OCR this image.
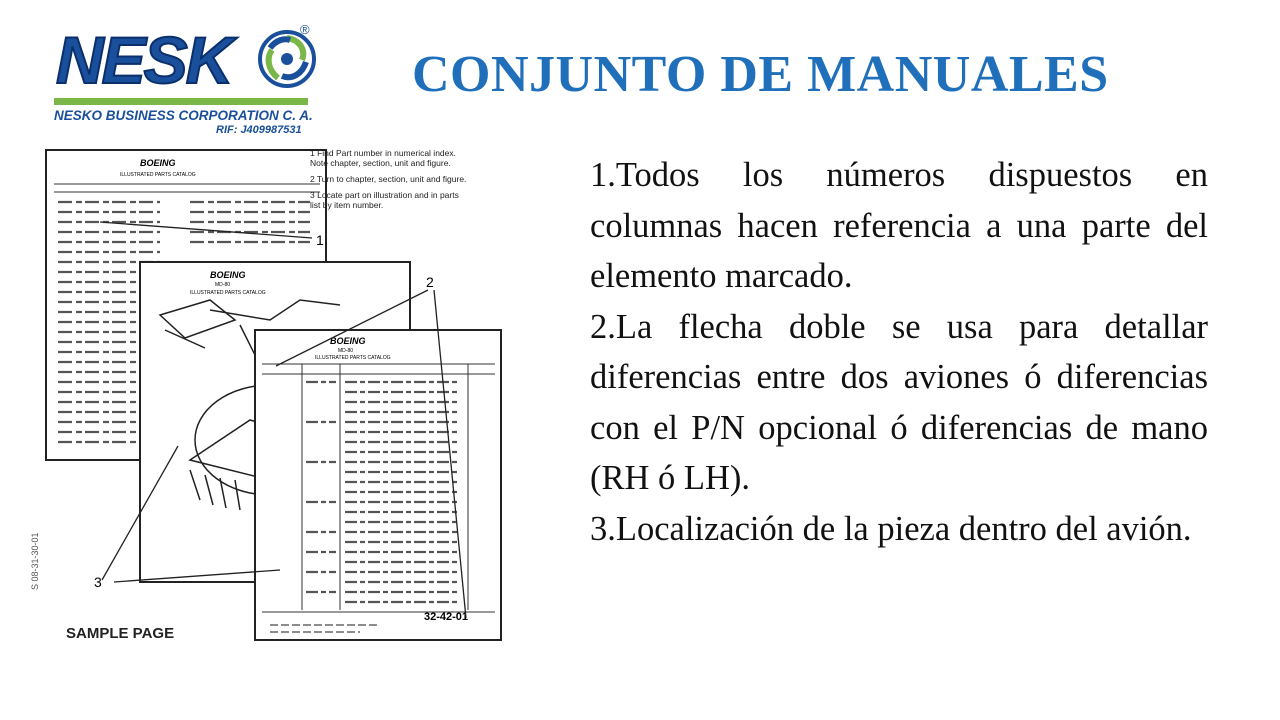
NESK	®
NESKO BUSINESS CORPORATION C. A.
RIF: J409987531
CONJUNTO DE MANUALES
BOEING
ILLUSTRATED PARTS CATALOG
1 Find Part number in numerical index.
Note chapter, section, unit and figure.
2 Turn to chapter, section, unit and figure.
3 Locate part on illustration and in parts
list by item number.
BOEING
MD-80
ILLUSTRATED PARTS CATALOG
BOEING
MD-80
ILLUSTRATED PARTS CATALOG
32-42-01
1
2
3
S 08-31-30-01
SAMPLE PAGE

1.Todos los números dispuestos en columnas hacen referencia a una parte del elemento marcado.

2.La flecha doble se usa para detallar diferencias entre dos aviones ó diferencias con el P/N opcional ó diferencias de mano (RH ó LH).

3.Localización de la pieza dentro del avión.
